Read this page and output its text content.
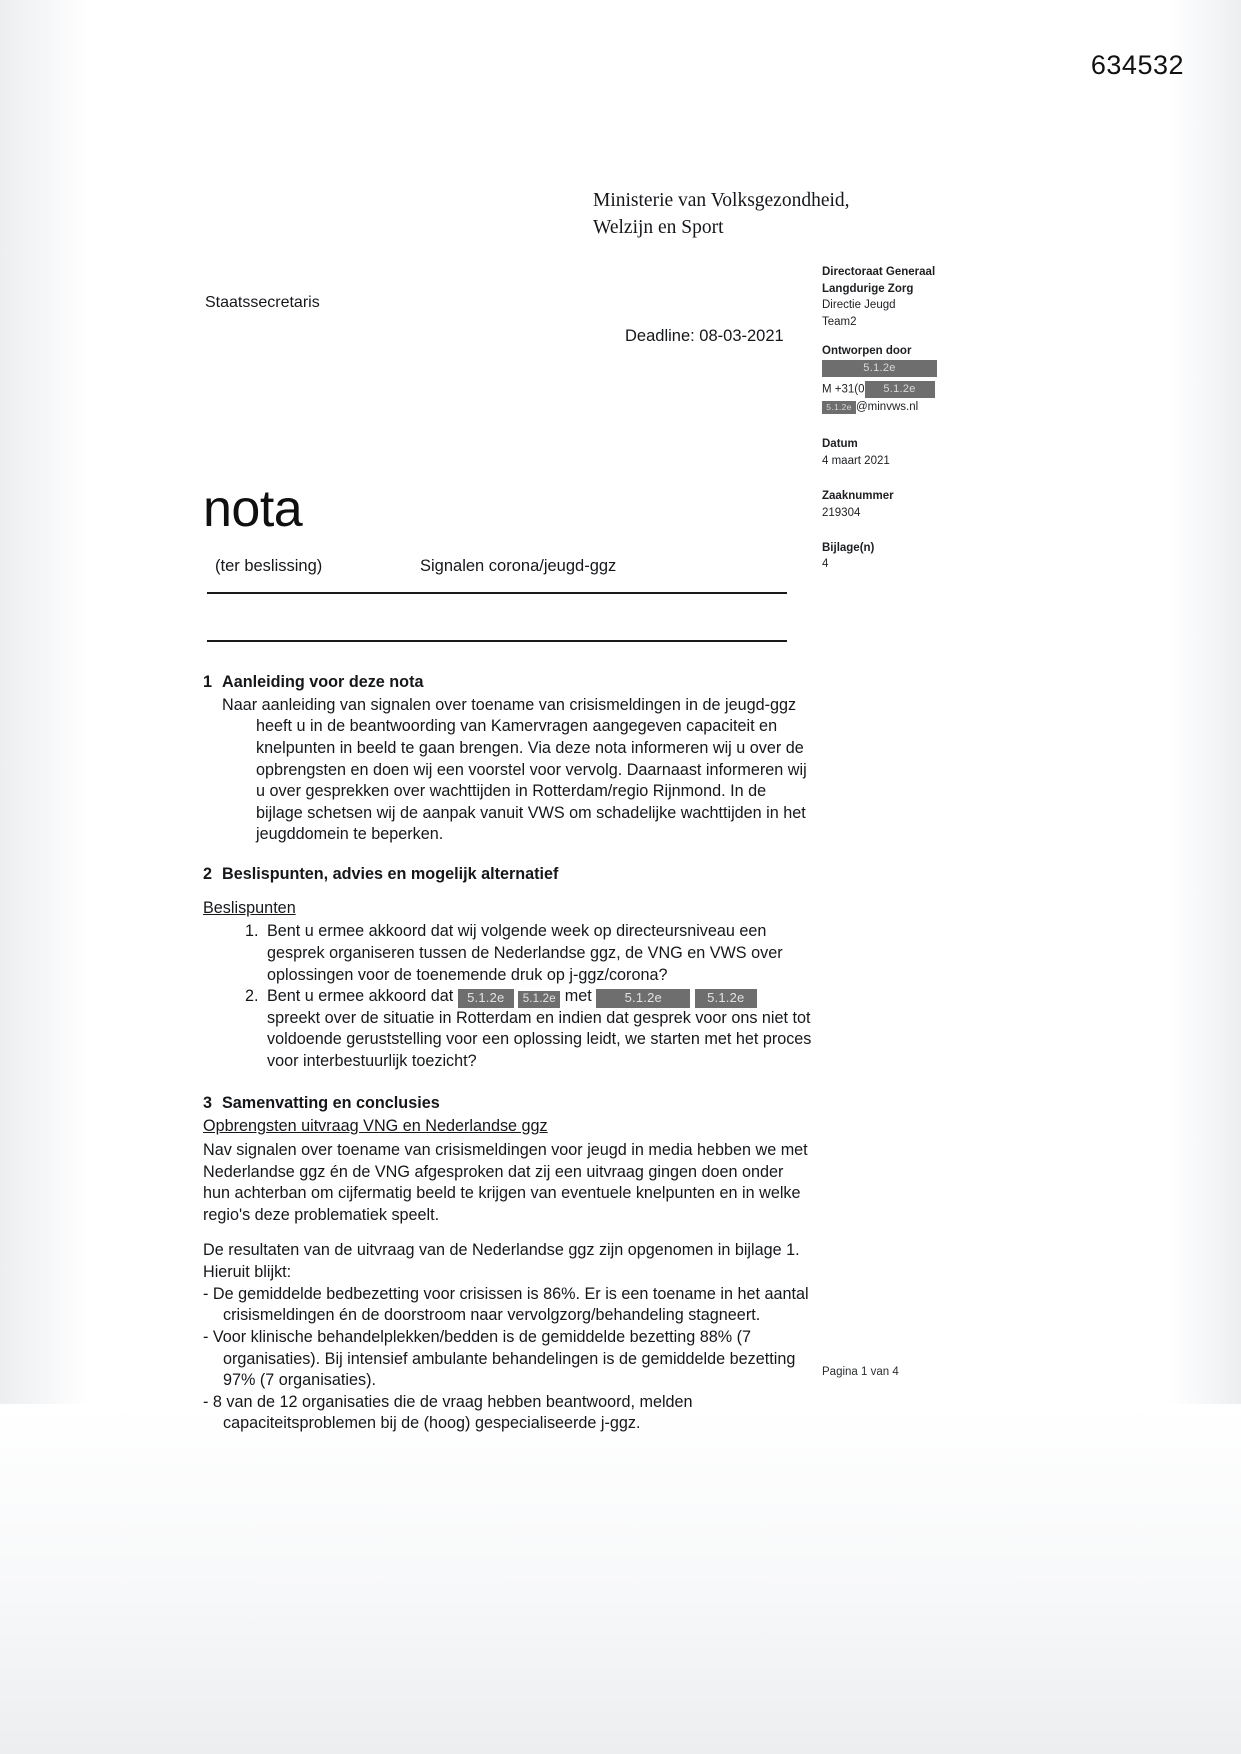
634532
Ministerie van Volksgezondheid,
Welzijn en Sport
Staatssecretaris
Deadline: 08-03-2021
Directoraat Generaal
Langdurige Zorg
Directie Jeugd
Team2
Ontworpen door
5.1.2e
M +31(0 5.1.2e
5.1.2e @minvws.nl
Datum
4 maart 2021
Zaaknummer
219304
Bijlage(n)
4
nota
(ter beslissing)	Signalen corona/jeugd-ggz
1 Aanleiding voor deze nota
Naar aanleiding van signalen over toename van crisismeldingen in de jeugd-ggz heeft u in de beantwoording van Kamervragen aangegeven capaciteit en knelpunten in beeld te gaan brengen. Via deze nota informeren wij u over de opbrengsten en doen wij een voorstel voor vervolg. Daarnaast informeren wij u over gesprekken over wachttijden in Rotterdam/regio Rijnmond. In de bijlage schetsen wij de aanpak vanuit VWS om schadelijke wachttijden in het jeugddomein te beperken.
2 Beslispunten, advies en mogelijk alternatief
Beslispunten
1. Bent u ermee akkoord dat wij volgende week op directeursniveau een gesprek organiseren tussen de Nederlandse ggz, de VNG en VWS over oplossingen voor de toenemende druk op j-ggz/corona?
2. Bent u ermee akkoord dat 5.1.2e 5.1.2e met	5.1.2e	5.1.2e spreekt over de situatie in Rotterdam en indien dat gesprek voor ons niet tot voldoende geruststelling voor een oplossing leidt, we starten met het proces voor interbestuurlijk toezicht?
3 Samenvatting en conclusies
Opbrengsten uitvraag VNG en Nederlandse ggz
Nav signalen over toename van crisismeldingen voor jeugd in media hebben we met Nederlandse ggz én de VNG afgesproken dat zij een uitvraag gingen doen onder hun achterban om cijfermatig beeld te krijgen van eventuele knelpunten en in welke regio's deze problematiek speelt.
De resultaten van de uitvraag van de Nederlandse ggz zijn opgenomen in bijlage 1. Hieruit blijkt:
- De gemiddelde bedbezetting voor crisissen is 86%. Er is een toename in het aantal crisismeldingen én de doorstroom naar vervolgzorg/behandeling stagneert.
- Voor klinische behandelplekken/bedden is de gemiddelde bezetting 88% (7 organisaties). Bij intensief ambulante behandelingen is de gemiddelde bezetting 97% (7 organisaties).
- 8 van de 12 organisaties die de vraag hebben beantwoord, melden capaciteitsproblemen bij de (hoog) gespecialiseerde j-ggz.
Pagina 1 van 4
